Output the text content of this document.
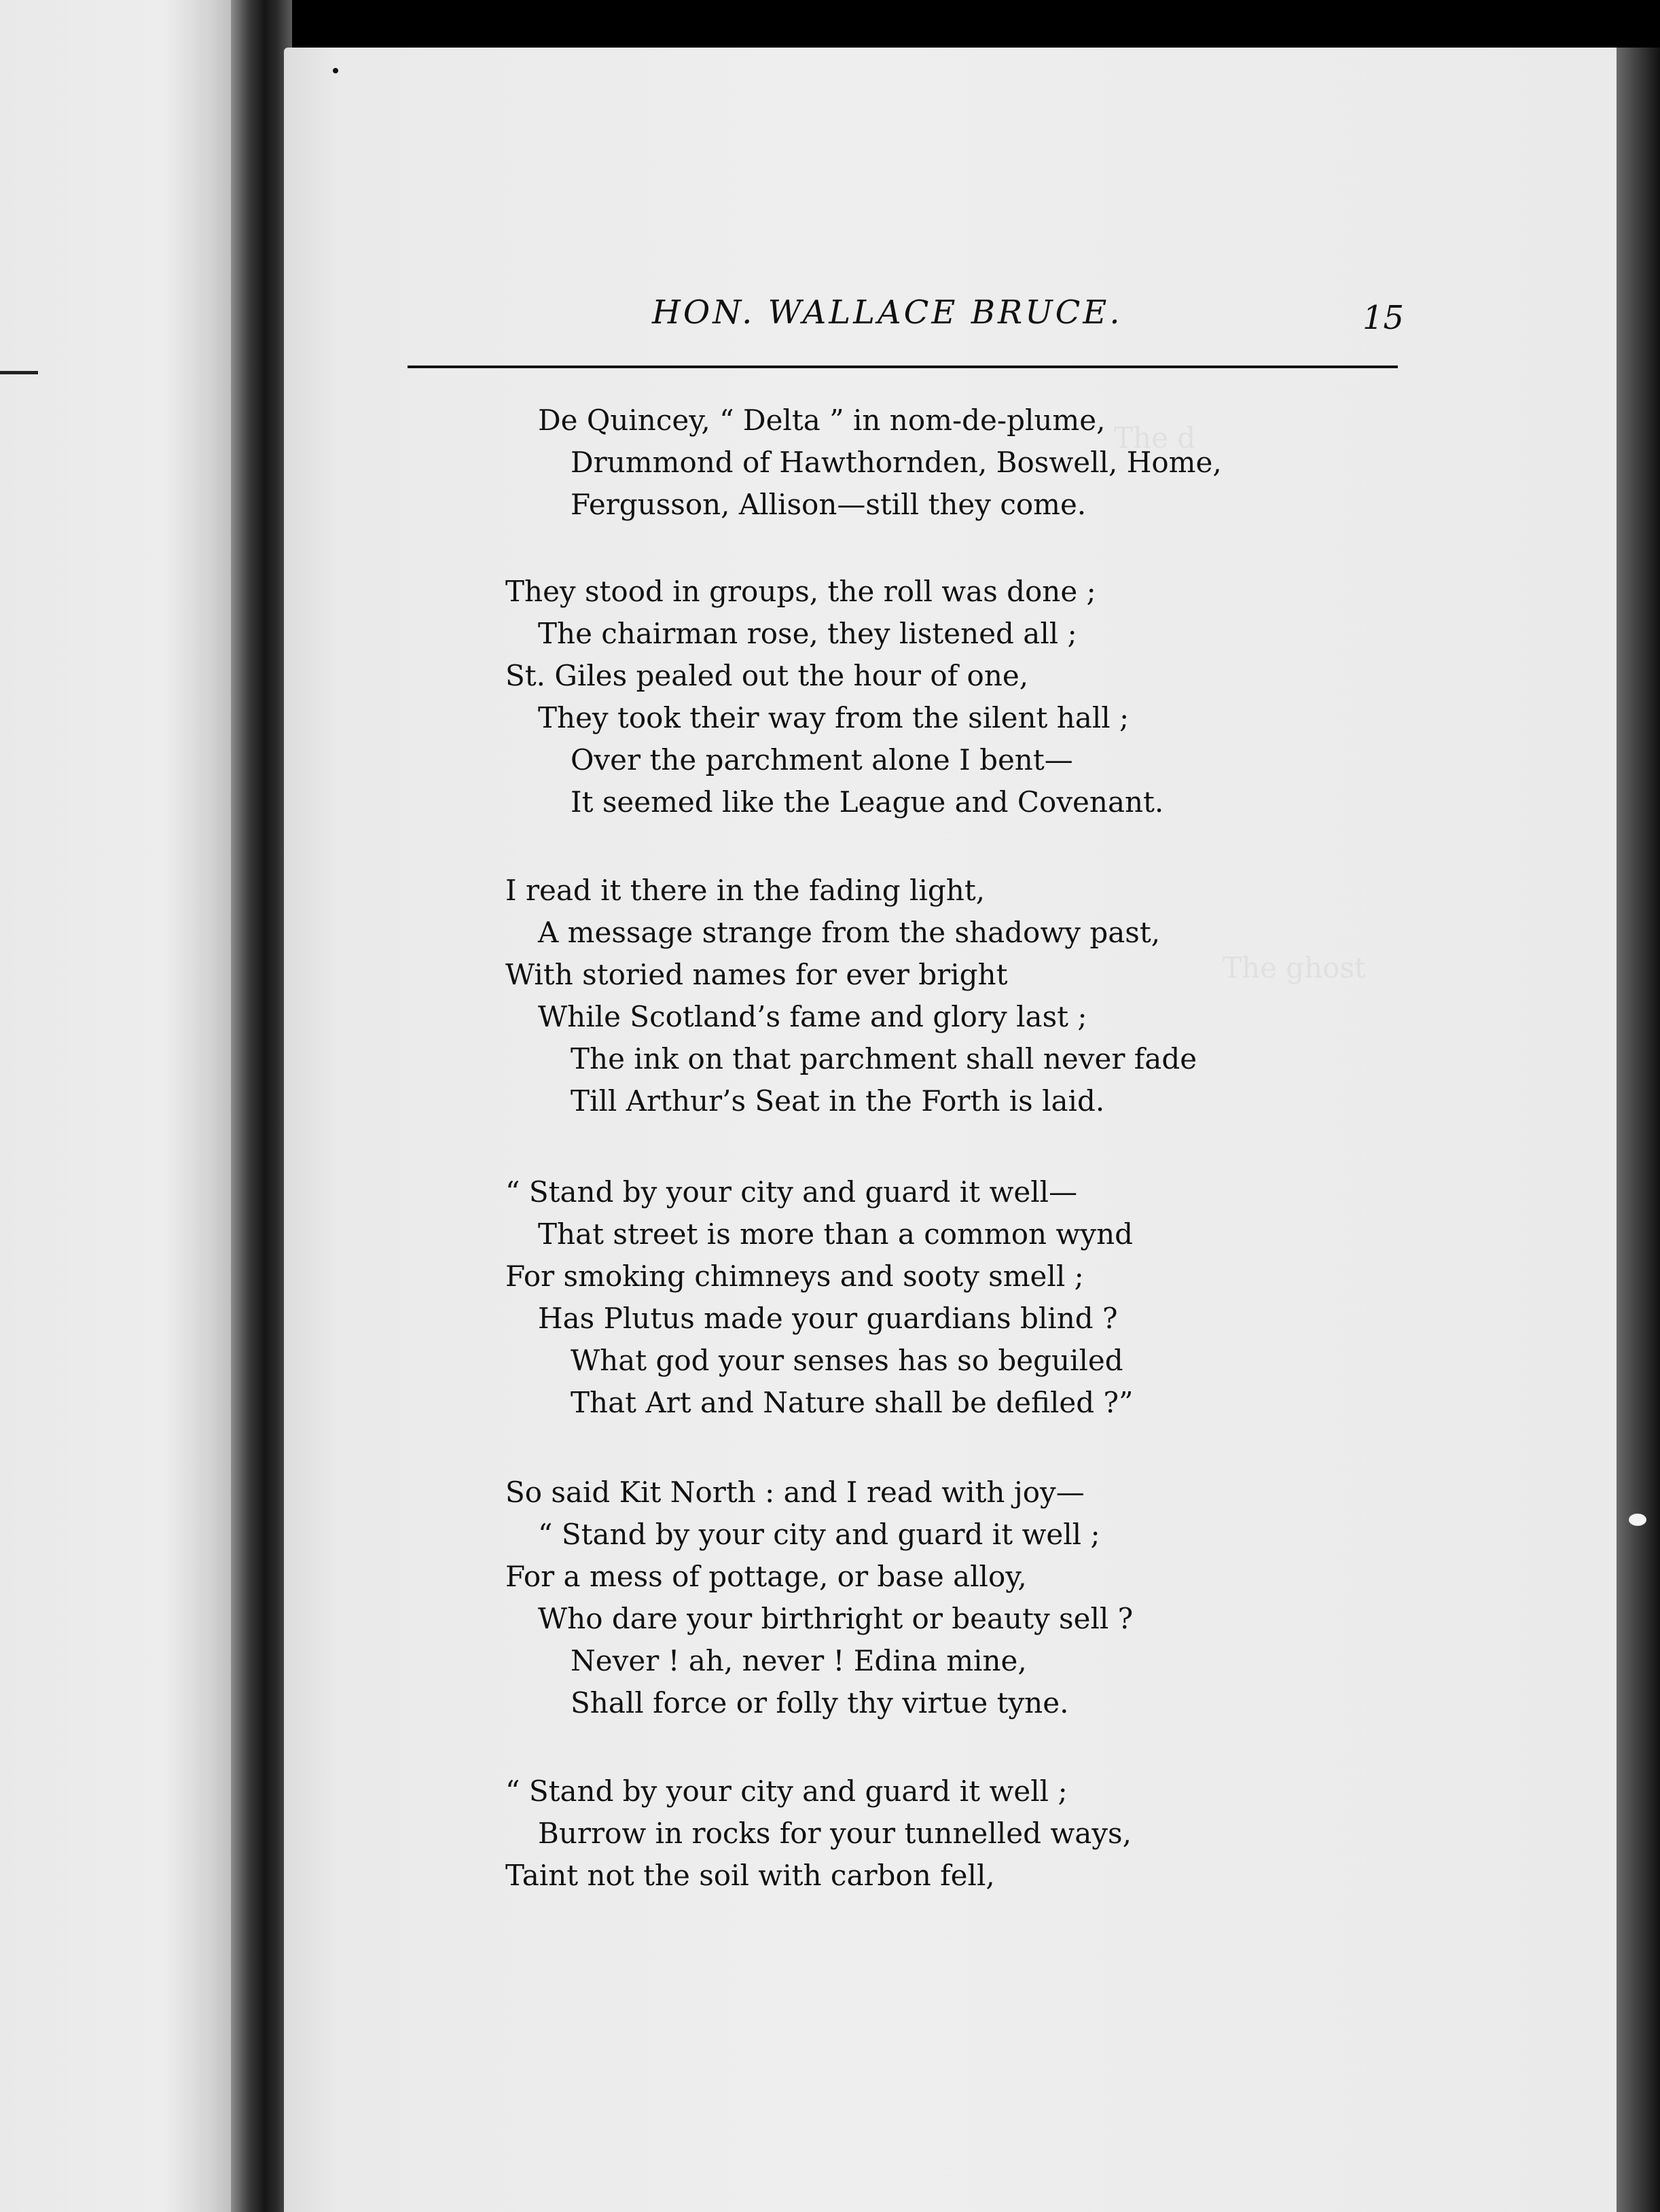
HON. WALLACE BRUCE.	15
The d
The ghost
De Quincey, “ Delta ” in nom-de-plume,
Drummond of Hawthornden, Boswell, Home,
Fergusson, Allison—still they come.
They stood in groups, the roll was done ;
The chairman rose, they listened all ;
St. Giles pealed out the hour of one,
They took their way from the silent hall ;
Over the parchment alone I bent—
It seemed like the League and Covenant.
I read it there in the fading light,
A message strange from the shadowy past,
With storied names for ever bright
While Scotland’s fame and glory last ;
The ink on that parchment shall never fade
Till Arthur’s Seat in the Forth is laid.
“ Stand by your city and guard it well—
That street is more than a common wynd
For smoking chimneys and sooty smell ;
Has Plutus made your guardians blind ?
What god your senses has so beguiled
That Art and Nature shall be defiled ?”
So said Kit North : and I read with joy—
“ Stand by your city and guard it well ;
For a mess of pottage, or base alloy,
Who dare your birthright or beauty sell ?
Never ! ah, never ! Edina mine,
Shall force or folly thy virtue tyne.
“ Stand by your city and guard it well ;
Burrow in rocks for your tunnelled ways,
Taint not the soil with carbon fell,
